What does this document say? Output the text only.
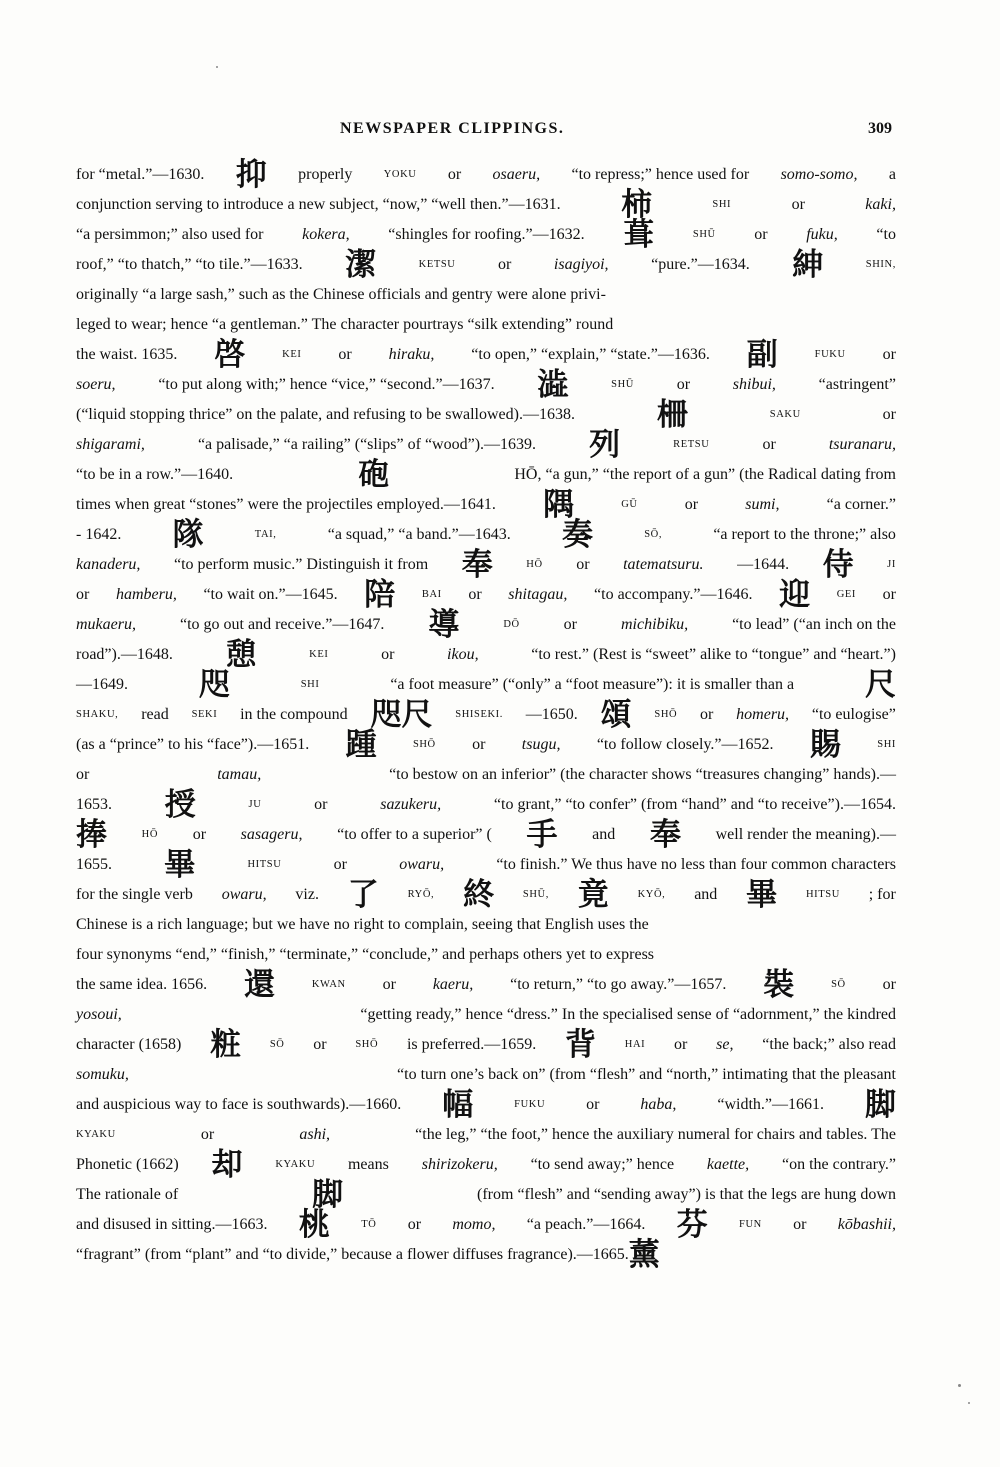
NEWSPAPER CLIPPINGS.	309
for “metal.”—1630. 抑 properly	YOKU or osaeru, “to repress;” hence used for somo-somo, a
conjunction serving to introduce a new subject, “now,” “well then.”—1631. 柿	SHI	or	kaki,
“a persimmon;” also used for kokera, “shingles for roofing.”—1632. 葺	SHŪ or fuku, “to
roof,” “to thatch,” “to tile.”—1633. 潔	KETSU	or	isagiyoi,	“pure.”—1634. 紳	SHIN,
originally “a large sash,” such as the Chinese officials and gentry were alone privi-
leged to wear; hence “a gentleman.” The character pourtrays “silk extending” round
the waist. 1635. 啓	KEI or hiraku, “to open,” “explain,” “state.”—1636. 副	FUKU or
soeru,	“to put along with;” hence “vice,” “second.”—1637. 澁	SHŪ	or	shibui,	“astringent”
(“liquid stopping thrice” on the palate, and refusing to be swallowed).—1638.	柵	SAKU	or
shigarami,	“a palisade,” “a railing” (“slips” of “wood”).—1639. 列	RETSU	or	tsuranaru,
“to be in a row.”—1640.	砲	HŌ, “a gun,” “the report of a gun” (the Radical dating from
times when great “stones” were the projectiles employed.—1641. 隅	GŪ	or	sumi,	“a corner.”
- 1642. 隊	TAI,	“a squad,” “a band.”—1643. 奏	SŌ,	“a report to the throne;” also
kanaderu, “to perform music.” Distinguish it from 奉	HŌ or tatematsuru. —1644. 侍	JI
or hamberu, “to wait on.”—1645. 陪	BAI or shitagau, “to accompany.”—1646. 迎	GEI or
mukaeru,	“to go out and receive.”—1647. 導	DŌ	or	michibiku,	“to lead” (“an inch on the
road”).—1648. 憩	KEI	or	ikou,	“to rest.” (Rest is “sweet” alike to “tongue” and “heart.”)
—1649. 咫	SHI	“a foot measure” (“only” a “foot measure”): it is smaller than a 尺
SHAKU, read SEKI in the compound 咫尺 SHISEKI. —1650. 頌 SHŌ or homeru, “to eulogise”
(as a “prince” to his “face”).—1651. 踵	SHŌ or tsugu, “to follow closely.”—1652. 賜	SHI
or	tamau,	“to bestow on an inferior” (the character shows “treasures changing” hands).—
1653. 授	JU	or	sazukeru,	“to grant,” “to confer” (from “hand” and “to receive”).—1654.
捧	HŌ or sasageru, “to offer to a superior” ( 手 and 奉 well render the meaning).—
1655. 畢	HITSU	or	owaru,	“to finish.” We thus have no less than four common characters
for the single verb owaru, viz. 了	RYŌ, 終	SHŪ, 竟	KYŌ, and 畢	HITSU ; for
Chinese is a rich language; but we have no right to complain, seeing that English uses the
four synonyms “end,” “finish,” “terminate,” “conclude,” and perhaps others yet to express
the same idea. 1656. 還	KWAN or kaeru, “to return,” “to go away.”—1657. 裝	SŌ or
yosoui,	“getting ready,” hence “dress.” In the specialised sense of “adornment,” the kindred
character (1658) 粧	SŌ or	SHŌ is preferred.—1659. 背	HAI or se, “the back;” also read
somuku,	“to turn one’s back on” (from “flesh” and “north,” intimating that the pleasant
and auspicious way to face is southwards).—1660. 幅	FUKU	or	haba,	“width.”—1661. 脚
KYAKU	or	ashi,	“the leg,” “the foot,” hence the auxiliary numeral for chairs and tables. The
Phonetic (1662) 却	KYAKU means shirizokeru, “to send away;” hence kaette, “on the contrary.”
The rationale of	脚	(from “flesh” and “sending away”) is that the legs are hung down
and disused in sitting.—1663. 桃	TŌ or momo, “a peach.”—1664. 芬	FUN or kōbashii,
“fragrant” (from “plant” and “to divide,” because a flower diffuses fragrance).—1665. 薰
